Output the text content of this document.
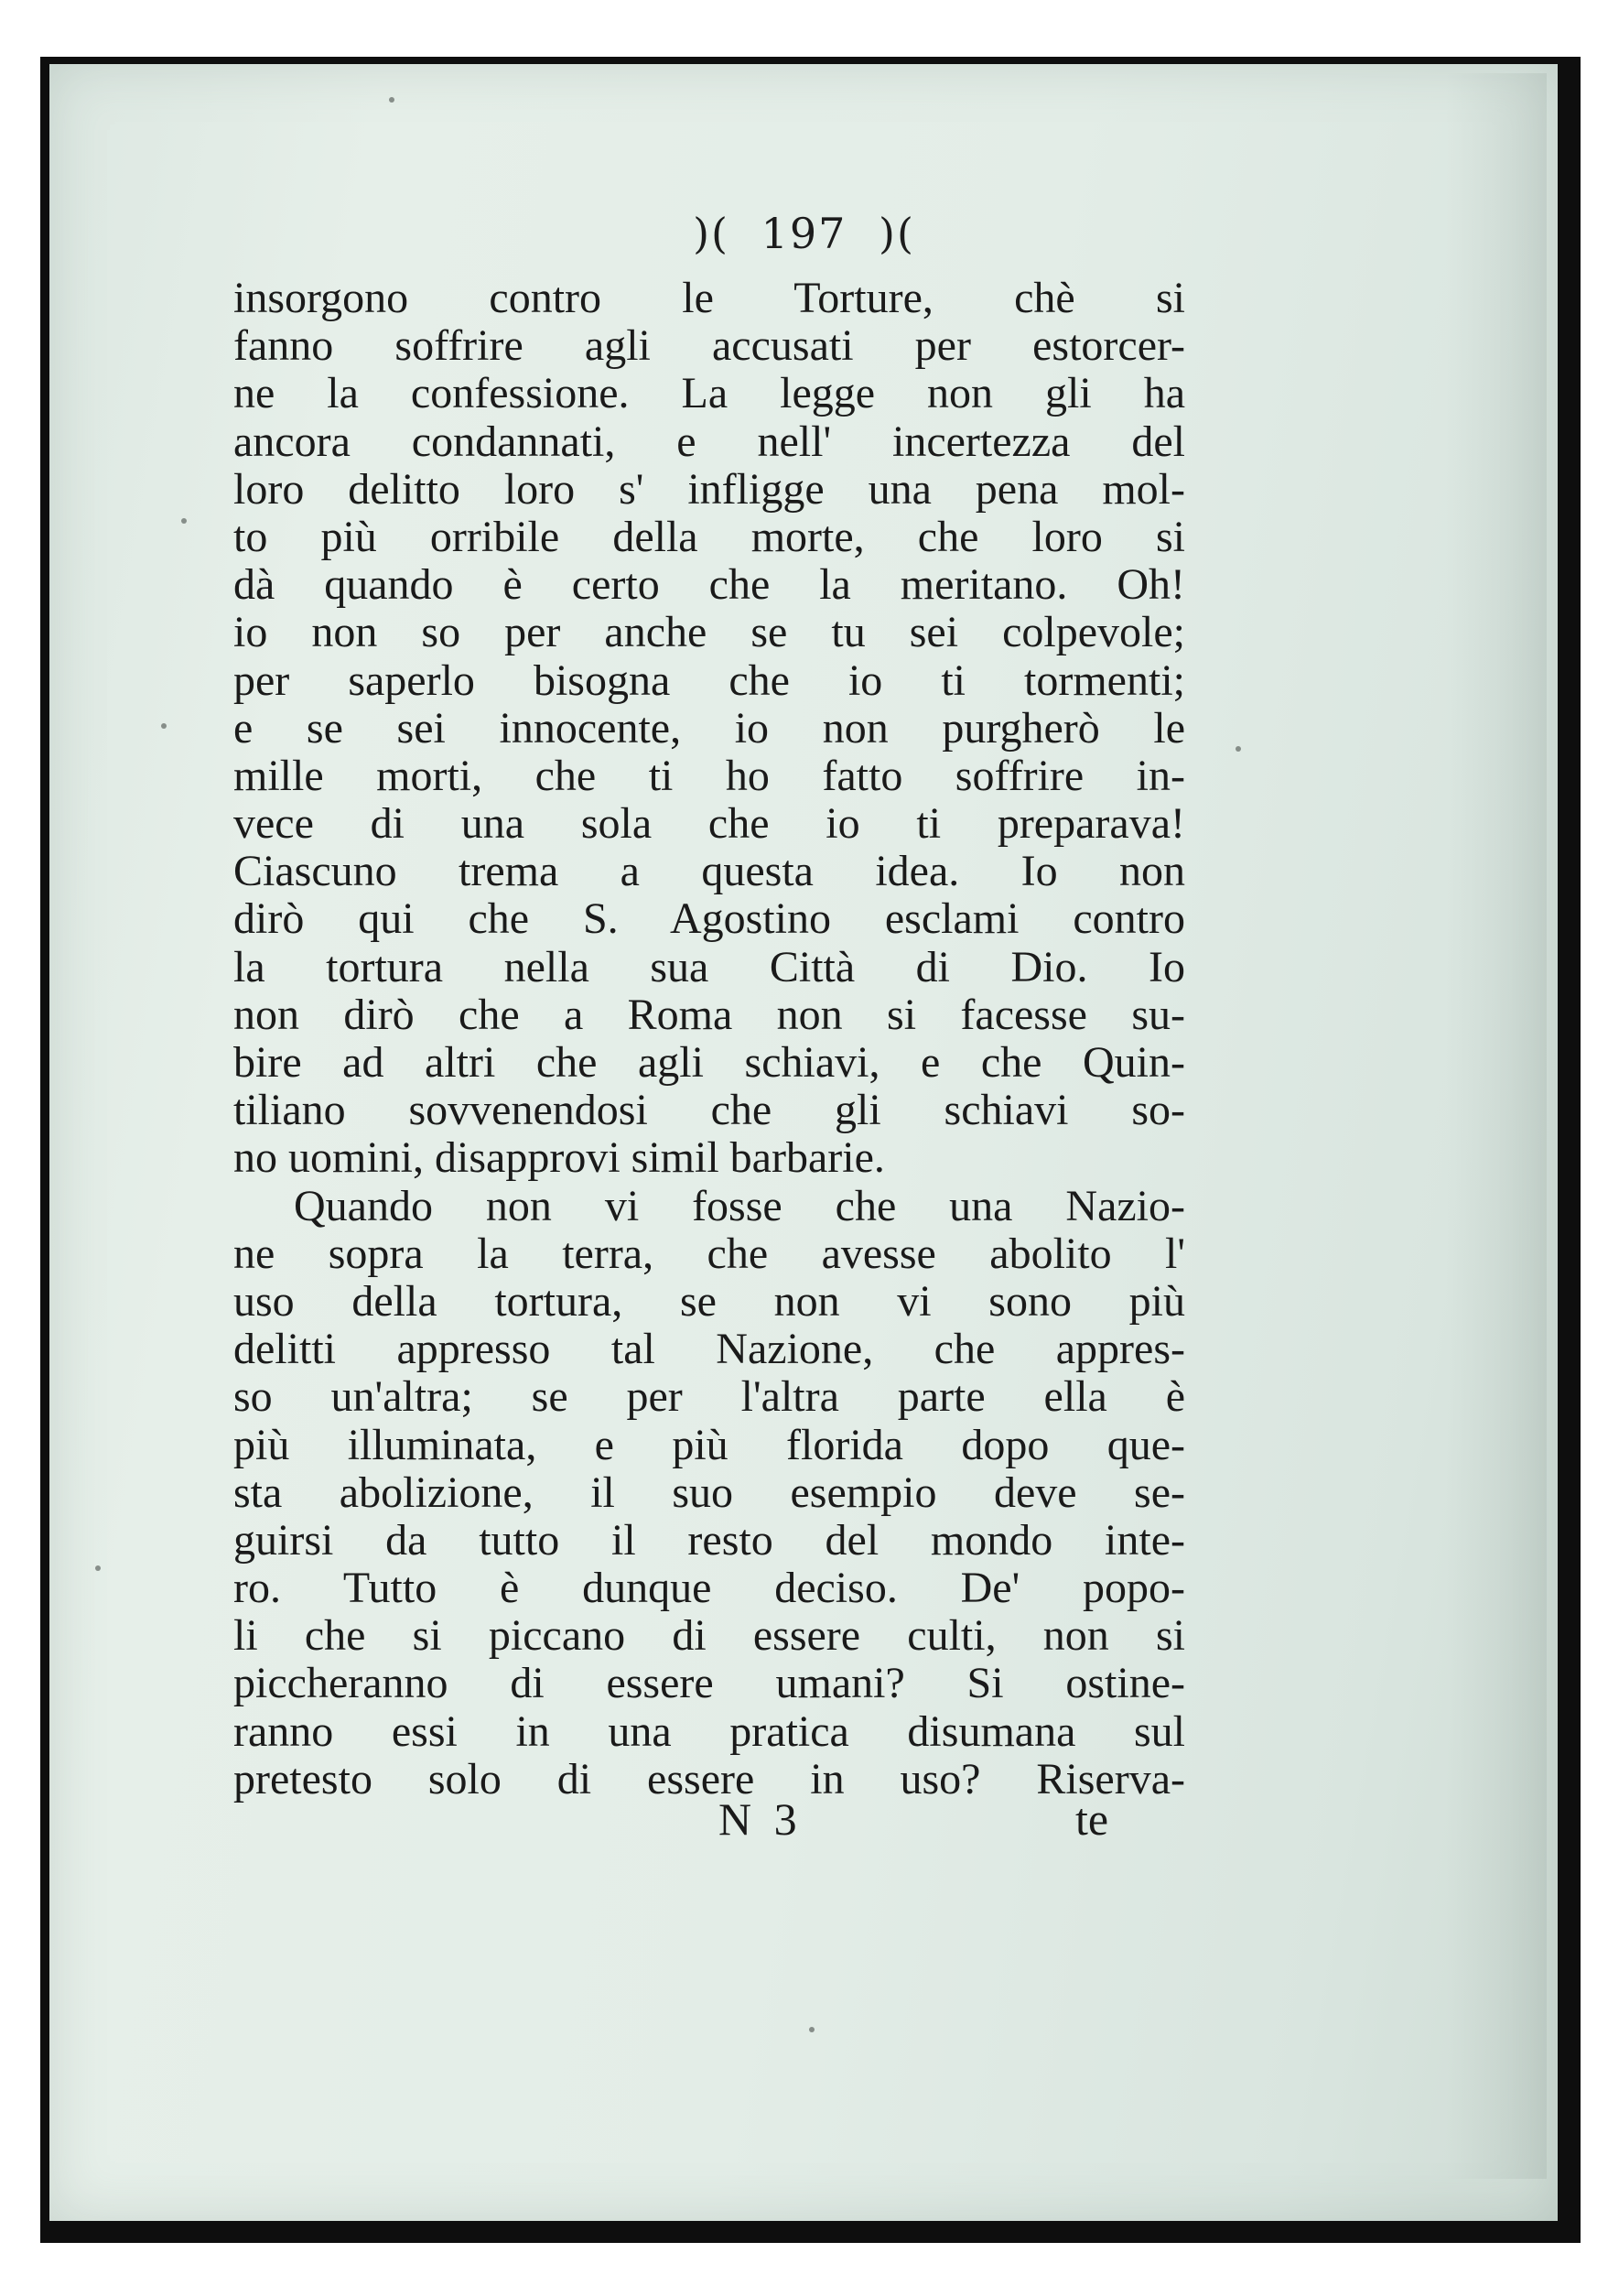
)( 197 )(
insorgono contro le Torture, chè si
fanno soffrire agli accusati per estorcer-
ne la confessione. La legge non gli ha
ancora condannati, e nell' incertezza del
loro delitto loro s' infligge una pena mol-
to più orribile della morte, che loro si
dà quando è certo che la meritano. Oh!
io non so per anche se tu sei colpevole;
per saperlo bisogna che io ti tormenti;
e se sei innocente, io non purgherò le
mille morti, che ti ho fatto soffrire in-
vece di una sola che io ti preparava!
Ciascuno trema a questa idea. Io non
dirò qui che S. Agostino esclami contro
la tortura nella sua Città di Dio. Io
non dirò che a Roma non si facesse su-
bire ad altri che agli schiavi, e che Quin-
tiliano sovvenendosi che gli schiavi so-
no uomini, disapprovi simil barbarie.
Quando non vi fosse che una Nazio-
ne sopra la terra, che avesse abolito l'
uso della tortura, se non vi sono più
delitti appresso tal Nazione, che appres-
so un'altra; se per l'altra parte ella è
più illuminata, e più florida dopo que-
sta abolizione, il suo esempio deve se-
guirsi da tutto il resto del mondo inte-
ro. Tutto è dunque deciso. De' popo-
li che si piccano di essere culti, non si
piccheranno di essere umani? Si ostine-
ranno essi in una pratica disumana sul
pretesto solo di essere in uso? Riserva-
N 3	te
